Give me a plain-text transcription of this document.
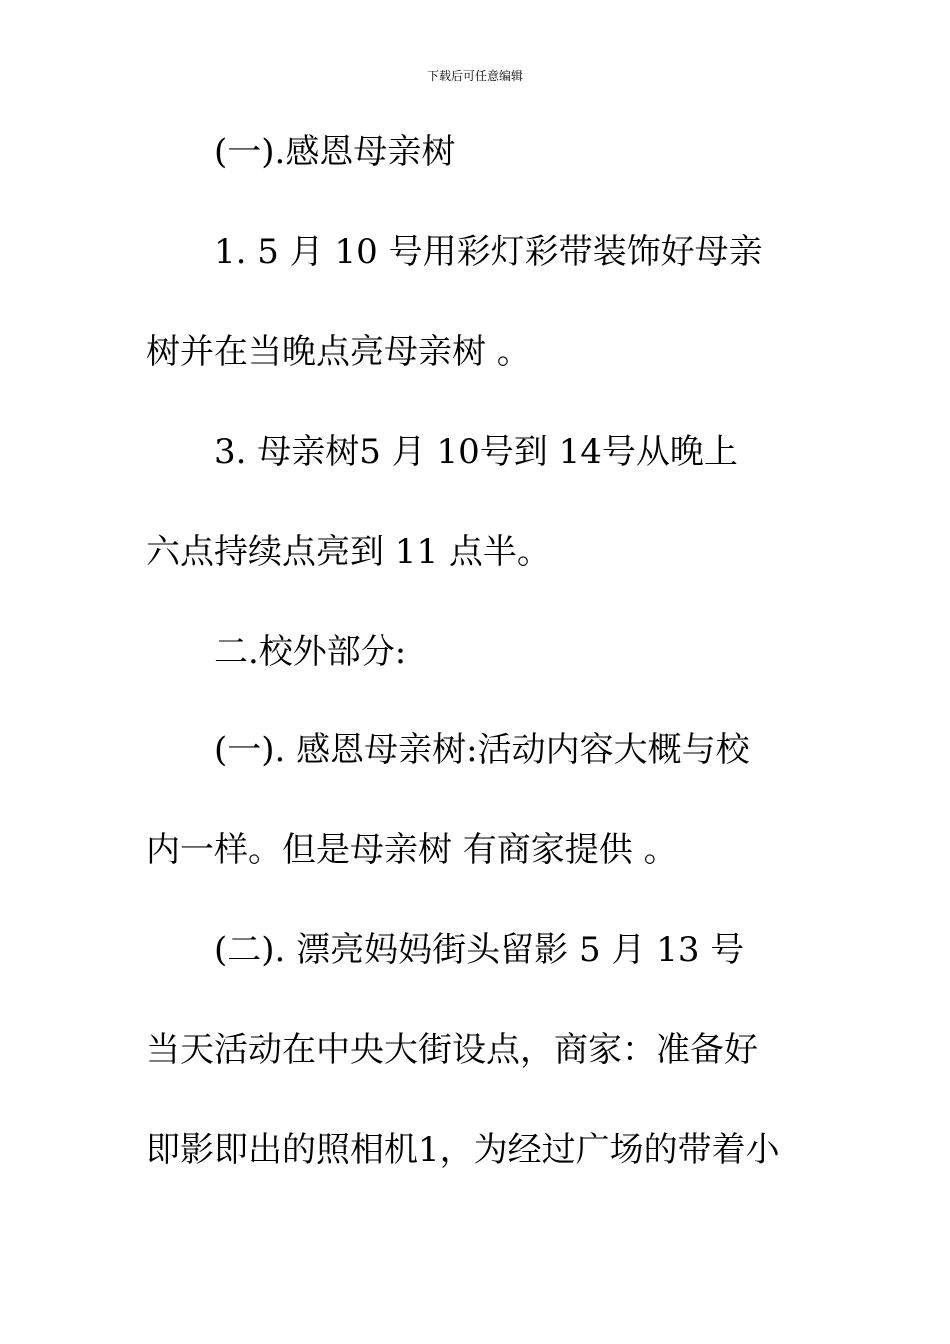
下载后可任意编辑
(一).感恩母亲树
1. 5 月 10 号用彩灯彩带装饰好母亲
树并在当晚点亮母亲树 。
3. 母亲树5 月 10号到 14号从晚上
六点持续点亮到 11 点半。
二.校外部分:
(一). 感恩母亲树:活动内容大概与校
内一样。但是母亲树 有商家提供 。
(二). 漂亮妈妈街头留影 5 月 13 号
当天活动在中央大街设点，商家：准备好
即影即出的照相机1，为经过广场的带着小
